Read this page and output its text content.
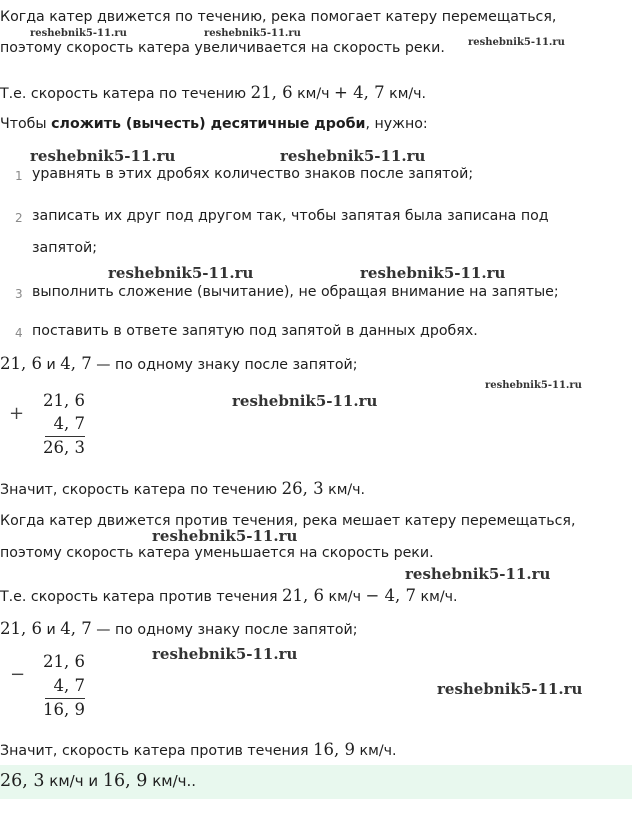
Когда катер движется по течению, река помогает катеру перемещаться,
поэтому скорость катера увеличивается на скорость реки.
reshebnik5-11.ru	reshebnik5-11.ru
reshebnik5-11.ru
Т.е. скорость катера по течению 21, 6 км/ч + 4, 7 км/ч.
Чтобы сложить (вычесть) десятичные дроби, нужно:
reshebnik5-11.ru	reshebnik5-11.ru
1 уравнять в этих дробях количество знаков после запятой;
2 записать их друг под другом так, чтобы запятая была записана под
запятой;
reshebnik5-11.ru	reshebnik5-11.ru
3 выполнить сложение (вычитание), не обращая внимание на запятые;
4 поставить в ответе запятую под запятой в данных дробях.
21, 6 и 4, 7 — по одному знаку после запятой;
reshebnik5-11.ru
+
21, 6
4, 7
26, 3
reshebnik5-11.ru
Значит, скорость катера по течению 26, 3 км/ч.
Когда катер движется против течения, река мешает катеру перемещаться,
reshebnik5-11.ru
поэтому скорость катера уменьшается на скорость реки.
reshebnik5-11.ru
Т.е. скорость катера против течения 21, 6 км/ч − 4, 7 км/ч.
21, 6 и 4, 7 — по одному знаку после запятой;
reshebnik5-11.ru
−
21, 6
4, 7
16, 9
reshebnik5-11.ru
Значит, скорость катера против течения 16, 9 км/ч.
26, 3 км/ч и 16, 9 км/ч..
